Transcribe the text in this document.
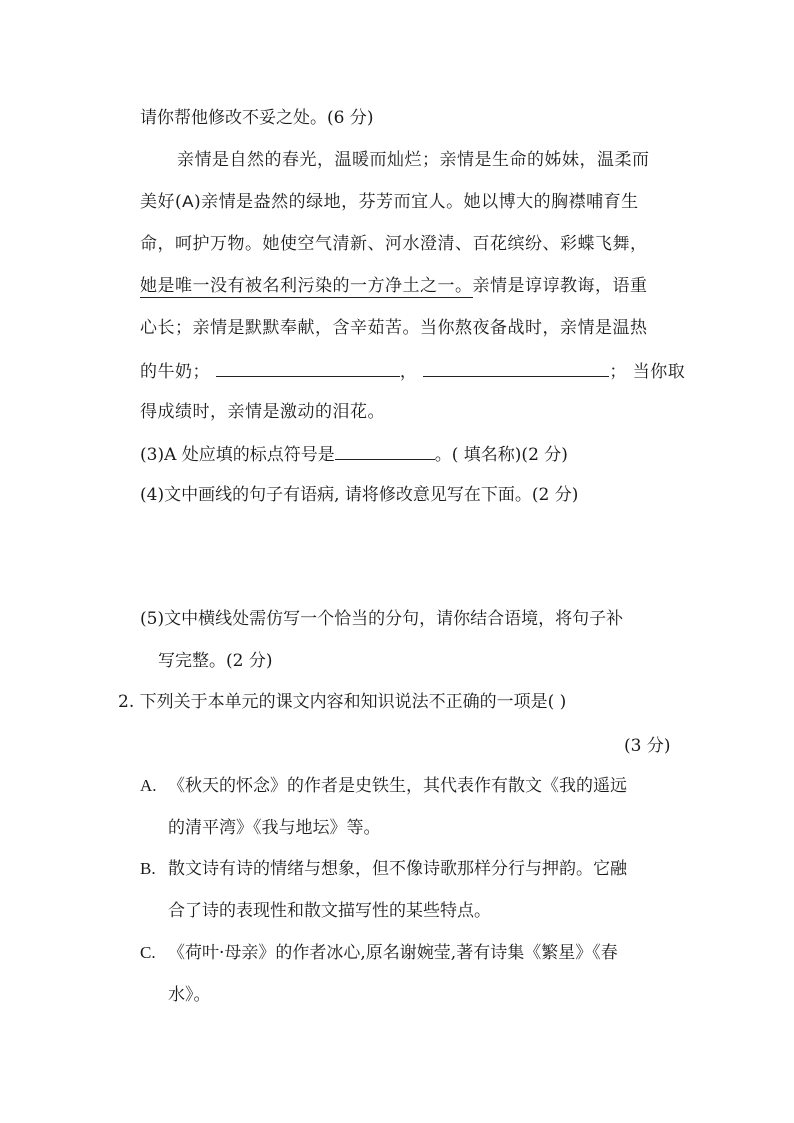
请你帮他修改不妥之处。(6 分)
亲情是自然的春光，温暖而灿烂；亲情是生命的姊妹，温柔而
美好(A)亲情是盎然的绿地，芬芳而宜人。她以博大的胸襟哺育生
命，呵护万物。她使空气清新、河水澄清、百花缤纷、彩蝶飞舞，
她是唯一没有被名利污染的一方净土之一。亲情是谆谆教诲，语重
心长；亲情是默默奉献，含辛茹苦。当你熬夜备战时，亲情是温热
的牛奶；	，	； 当你取
得成绩时，亲情是激动的泪花。
(3)A 处应填的标点符号是	。( 填名称)(2 分)
(4)文中画线的句子有语病, 请将修改意见写在下面。(2 分)
(5)文中横线处需仿写一个恰当的分句，请你结合语境，将句子补
写完整。(2 分)
2. 下列关于本单元的课文内容和知识说法不正确的一项是( )
(3 分)
A. 《秋天的怀念》的作者是史铁生，其代表作有散文《我的遥远
的清平湾》《我与地坛》等。
B. 散文诗有诗的情绪与想象，但不像诗歌那样分行与押韵。它融
合了诗的表现性和散文描写性的某些特点。
C. 《荷叶·母亲》的作者冰心,原名谢婉莹,著有诗集《繁星》《春
水》。
